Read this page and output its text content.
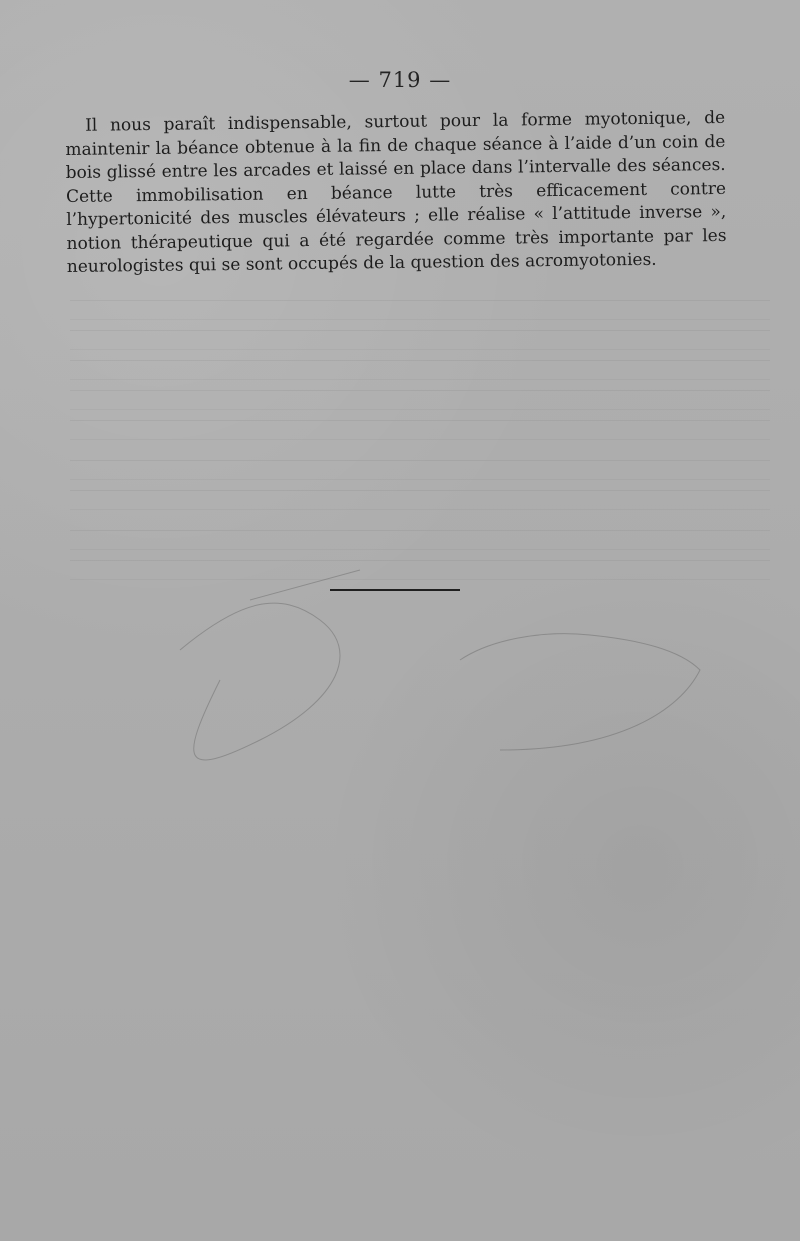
— 719 —

Il nous paraît indispensable, surtout pour la forme myotonique, de maintenir la béance obtenue à la fin de chaque séance à l’aide d’un coin de bois glissé entre les arcades et laissé en place dans l’intervalle des séances. Cette immobilisation en béance lutte très efficacement contre l’hypertonicité des muscles élévateurs ; elle réalise « l’attitude inverse », notion thérapeutique qui a été regardée comme très importante par les neurologistes qui se sont occupés de la question des acromyotonies.
